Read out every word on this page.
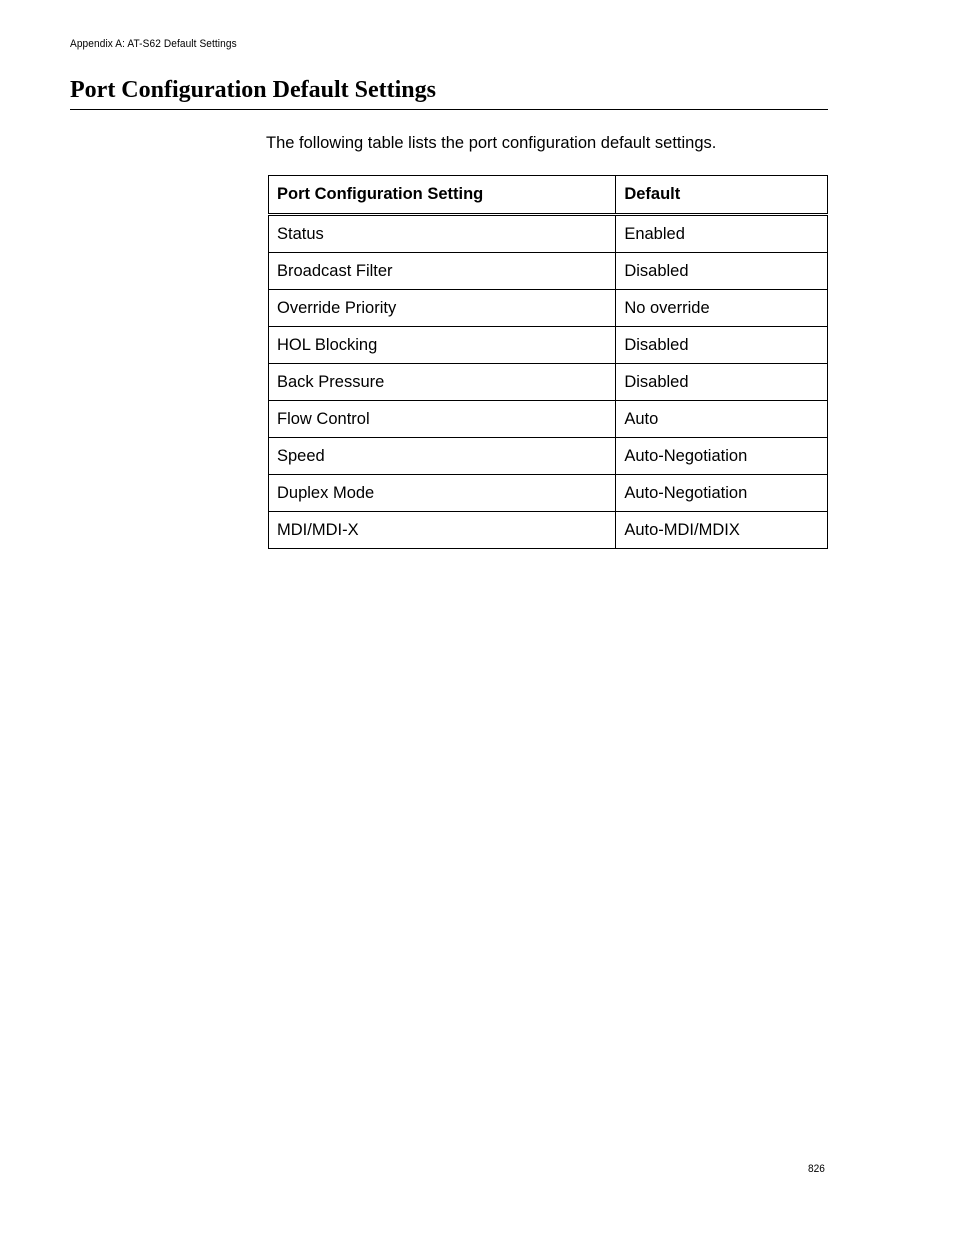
Appendix A: AT-S62 Default Settings
Port Configuration Default Settings

The following table lists the port configuration default settings.

Port Configuration Setting	Default
Status	Enabled
Broadcast Filter	Disabled
Override Priority	No override
HOL Blocking	Disabled
Back Pressure	Disabled
Flow Control	Auto
Speed	Auto-Negotiation
Duplex Mode	Auto-Negotiation
MDI/MDI-X	Auto-MDI/MDIX
826
